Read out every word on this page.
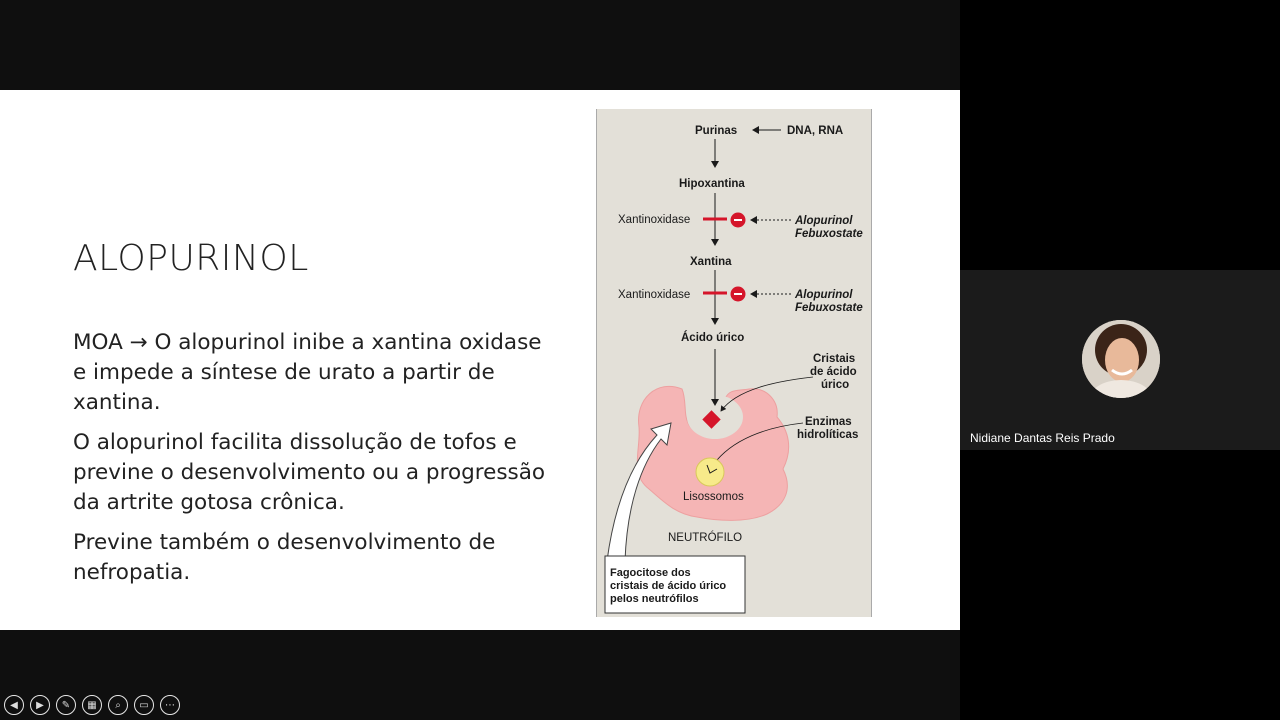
ALOPURINOL

MOA → O alopurinol inibe a xantina oxidase e impede a síntese de urato a partir de xantina.

O alopurinol facilita dissolução de tofos e previne o desenvolvimento ou a progressão da artrite gotosa crônica.

Previne também o desenvolvimento de nefropatia.

◀	▶	✎	▦	⌕	▭	⋯
Purinas	DNA, RNA
Hipoxantina
Xantinoxidase	Alopurinol
Febuxostate
Xantina
Xantinoxidase	Alopurinol
Febuxostate
Ácido úrico
Cristais
de ácido
úrico
Enzimas
hidrolíticas
Lisossomos
NEUTRÓFILO
Fagocitose dos
cristais de ácido úrico
pelos neutrófilos
Nidiane Dantas Reis Prado
